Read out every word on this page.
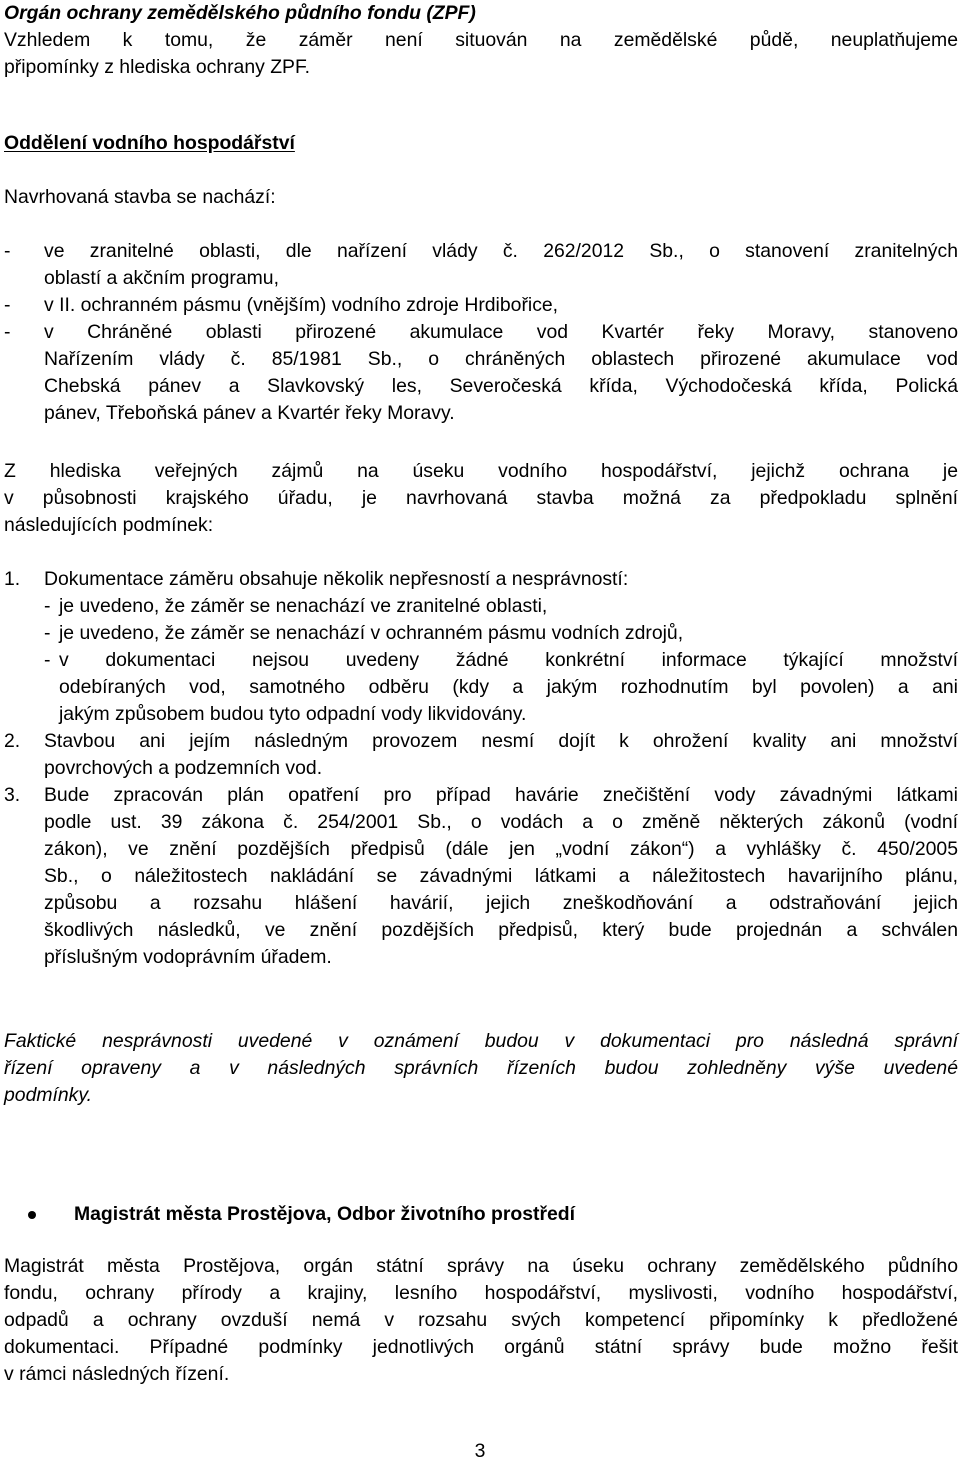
Orgán ochrany zemědělského půdního fondu (ZPF)

Vzhledem k tomu, že záměr není situován na zemědělské půdě, neuplatňujeme

připomínky z hlediska ochrany ZPF.

Oddělení vodního hospodářství

Navrhovaná stavba se nachází:

- ve zranitelné oblasti, dle nařízení vlády č. 262/2012 Sb., o stanovení zranitelných

oblastí a akčním programu,

- v II. ochranném pásmu (vnějším) vodního zdroje Hrdibořice,

- v Chráněné oblasti přirozené akumulace vod Kvartér řeky Moravy, stanoveno

Nařízením vlády č. 85/1981 Sb., o chráněných oblastech přirozené akumulace vod

Chebská pánev a Slavkovský les, Severočeská křída, Východočeská křída, Polická

pánev, Třeboňská pánev a Kvartér řeky Moravy.

Z hlediska veřejných zájmů na úseku vodního hospodářství, jejichž ochrana je

v působnosti krajského úřadu, je navrhovaná stavba možná za předpokladu splnění

následujících podmínek:

1. Dokumentace záměru obsahuje několik nepřesností a nesprávností:

- je uvedeno, že záměr se nenachází ve zranitelné oblasti,

- je uvedeno, že záměr se nenachází v ochranném pásmu vodních zdrojů,

- v dokumentaci nejsou uvedeny žádné konkrétní informace týkající množství

odebíraných vod, samotného odběru (kdy a jakým rozhodnutím byl povolen) a ani

jakým způsobem budou tyto odpadní vody likvidovány.

2. Stavbou ani jejím následným provozem nesmí dojít k ohrožení kvality ani množství

povrchových a podzemních vod.

3. Bude zpracován plán opatření pro případ havárie znečištění vody závadnými látkami

podle ust. 39 zákona č. 254/2001 Sb., o vodách a o změně některých zákonů (vodní

zákon), ve znění pozdějších předpisů (dále jen „vodní zákon“) a vyhlášky č. 450/2005

Sb., o náležitostech nakládání se závadnými látkami a náležitostech havarijního plánu,

způsobu a rozsahu hlášení havárií, jejich zneškodňování a odstraňování jejich

škodlivých následků, ve znění pozdějších předpisů, který bude projednán a schválen

příslušným vodoprávním úřadem.

Faktické nesprávnosti uvedené v oznámení budou v dokumentaci pro následná správní

řízení opraveny a v následných správních řízeních budou zohledněny výše uvedené

podmínky.

Magistrát města Prostějova, Odbor životního prostředí

Magistrát města Prostějova, orgán státní správy na úseku ochrany zemědělského půdního

fondu, ochrany přírody a krajiny, lesního hospodářství, myslivosti, vodního hospodářství,

odpadů a ochrany ovzduší nemá v rozsahu svých kompetencí připomínky k předložené

dokumentaci. Případné podmínky jednotlivých orgánů státní správy bude možno řešit

v rámci následných řízení.

3
